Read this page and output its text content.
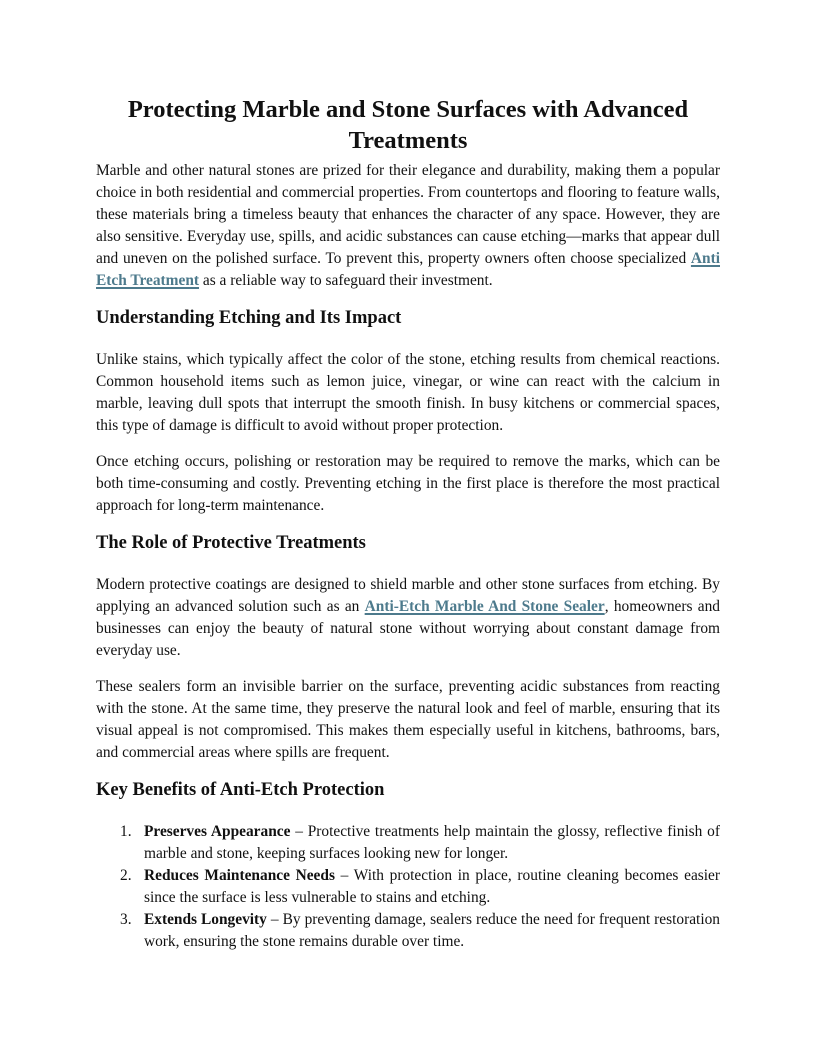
Protecting Marble and Stone Surfaces with Advanced Treatments

Marble and other natural stones are prized for their elegance and durability, making them a popular choice in both residential and commercial properties. From countertops and flooring to feature walls, these materials bring a timeless beauty that enhances the character of any space. However, they are also sensitive. Everyday use, spills, and acidic substances can cause etching—marks that appear dull and uneven on the polished surface. To prevent this, property owners often choose specialized Anti Etch Treatment as a reliable way to safeguard their investment.

Understanding Etching and Its Impact

Unlike stains, which typically affect the color of the stone, etching results from chemical reactions. Common household items such as lemon juice, vinegar, or wine can react with the calcium in marble, leaving dull spots that interrupt the smooth finish. In busy kitchens or commercial spaces, this type of damage is difficult to avoid without proper protection.

Once etching occurs, polishing or restoration may be required to remove the marks, which can be both time-consuming and costly. Preventing etching in the first place is therefore the most practical approach for long-term maintenance.

The Role of Protective Treatments

Modern protective coatings are designed to shield marble and other stone surfaces from etching. By applying an advanced solution such as an Anti-Etch Marble And Stone Sealer, homeowners and businesses can enjoy the beauty of natural stone without worrying about constant damage from everyday use.

These sealers form an invisible barrier on the surface, preventing acidic substances from reacting with the stone. At the same time, they preserve the natural look and feel of marble, ensuring that its visual appeal is not compromised. This makes them especially useful in kitchens, bathrooms, bars, and commercial areas where spills are frequent.

Key Benefits of Anti-Etch Protection
1. Preserves Appearance – Protective treatments help maintain the glossy, reflective finish of marble and stone, keeping surfaces looking new for longer.
2. Reduces Maintenance Needs – With protection in place, routine cleaning becomes easier since the surface is less vulnerable to stains and etching.
3. Extends Longevity – By preventing damage, sealers reduce the need for frequent restoration work, ensuring the stone remains durable over time.
